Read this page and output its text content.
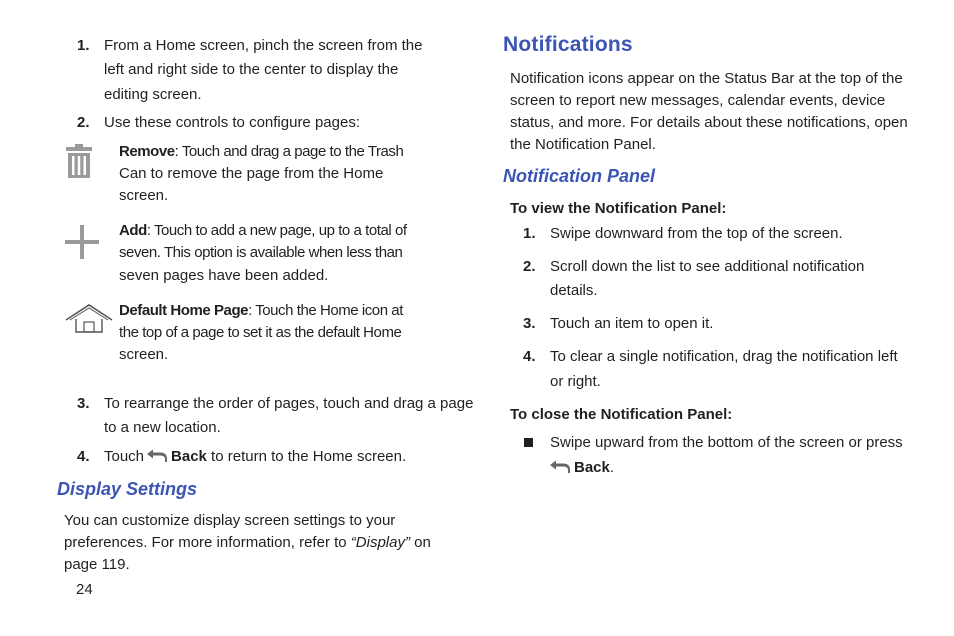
1. From a Home screen, pinch the screen from the
left and right side to the center to display the
editing screen.
2. Use these controls to configure pages:
Remove: Touch and drag a page to the Trash
Can to remove the page from the Home
screen.
Add: Touch to add a new page, up to a total of
seven. This option is available when less than
seven pages have been added.
Default Home Page: Touch the Home icon at
the top of a page to set it as the default Home
screen.
3. To rearrange the order of pages, touch and drag a page
to a new location.
4. Touch Back to return to the Home screen.
Display Settings
You can customize display screen settings to your
preferences. For more information, refer to “Display” on
page 119.
24
Notifications
Notification icons appear on the Status Bar at the top of the
screen to report new messages, calendar events, device
status, and more. For details about these notifications, open
the Notification Panel.
Notification Panel
To view the Notification Panel:
1. Swipe downward from the top of the screen.
2. Scroll down the list to see additional notification
details.
3. Touch an item to open it.
4. To clear a single notification, drag the notification left
or right.
To close the Notification Panel:
Swipe upward from the bottom of the screen or press
Back.
